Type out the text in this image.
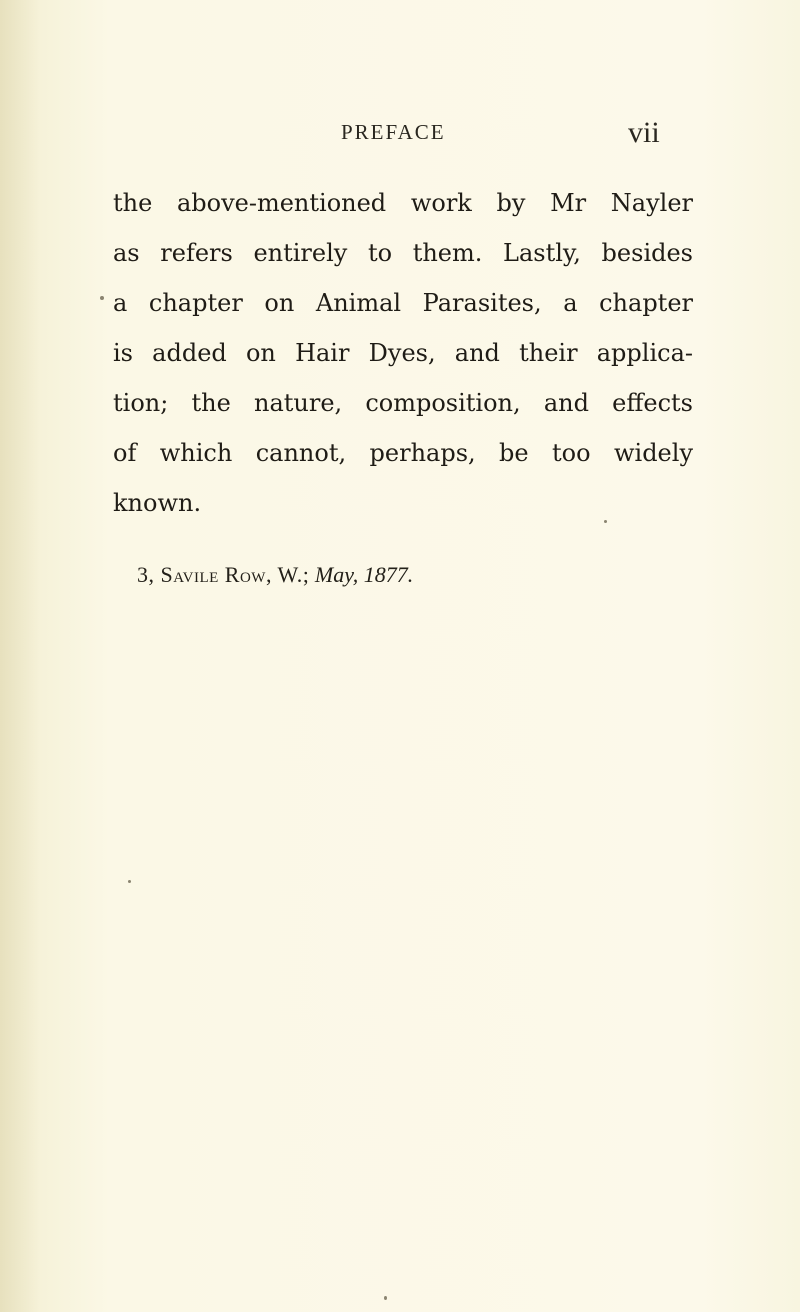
PREFACE	vii
the above-mentioned work by Mr Nayler
as refers entirely to them. Lastly, besides
a chapter on Animal Parasites, a chapter
is added on Hair Dyes, and their applica-
tion; the nature, composition, and effects
of which cannot, perhaps, be too widely
known.
3, Savile Row, W.; May, 1877.
